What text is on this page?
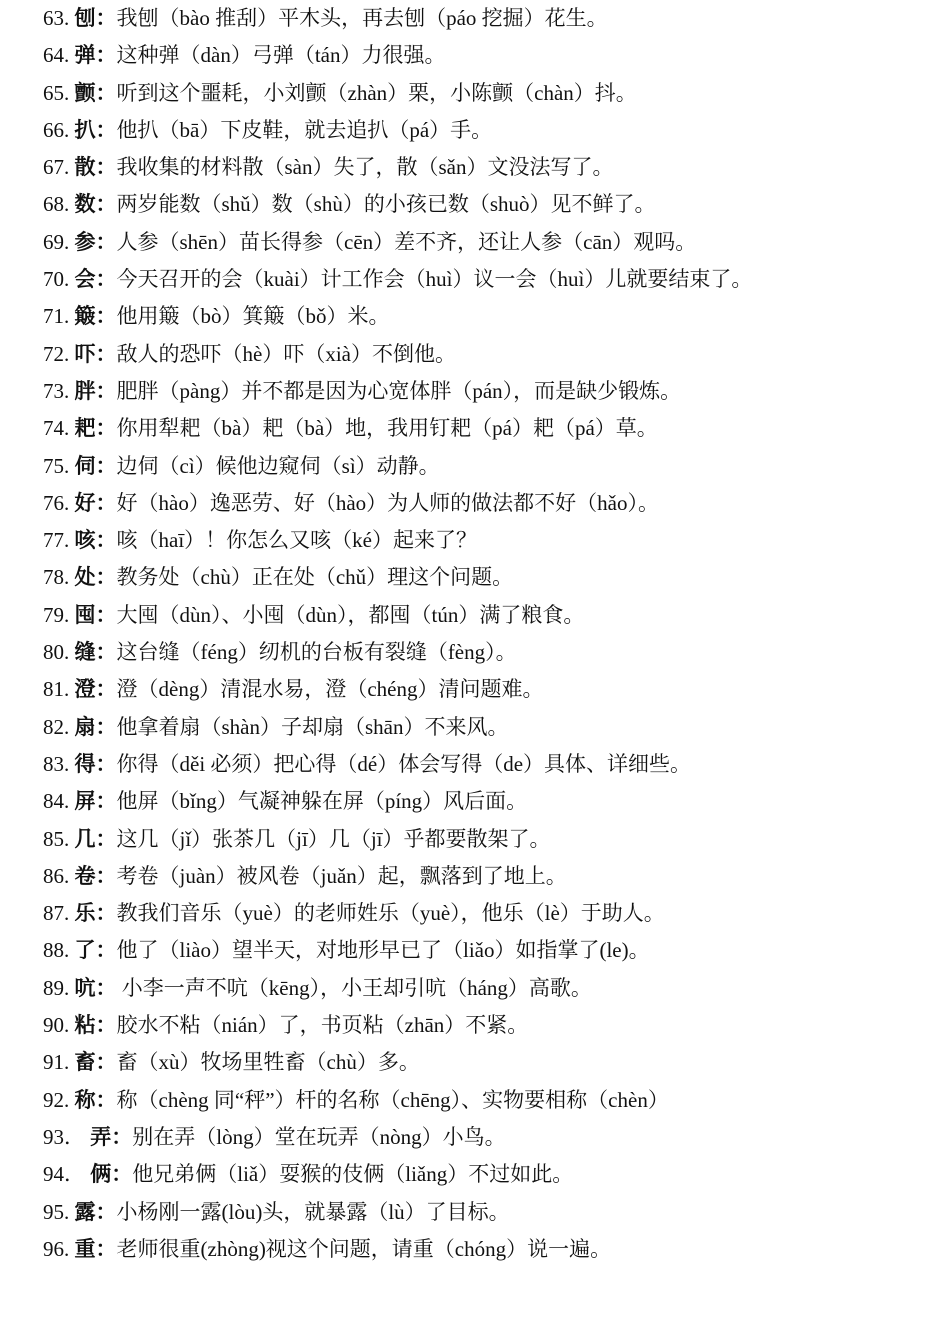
63. 刨：我刨（bào 推刮）平木头，再去刨（páo 挖掘）花生。
64. 弹：这种弹（dàn）弓弹（tán）力很强。
65. 颤：听到这个噩耗，小刘颤（zhàn）栗，小陈颤（chàn）抖。
66. 扒：他扒（bā）下皮鞋，就去追扒（pá）手。
67. 散：我收集的材料散（sàn）失了，散（sǎn）文没法写了。
68. 数：两岁能数（shǔ）数（shù）的小孩已数（shuò）见不鲜了。
69. 参：人参（shēn）苗长得参（cēn）差不齐，还让人参（cān）观吗。
70. 会：今天召开的会（kuài）计工作会（huì）议一会（huì）儿就要结束了。
71. 簸：他用簸（bò）箕簸（bǒ）米。
72. 吓：敌人的恐吓（hè）吓（xià）不倒他。
73. 胖：肥胖（pàng）并不都是因为心宽体胖（pán），而是缺少锻炼。
74. 耙：你用犁耙（bà）耙（bà）地，我用钉耙（pá）耙（pá）草。
75. 伺：边伺（cì）候他边窥伺（sì）动静。
76. 好：好（hào）逸恶劳、好（hào）为人师的做法都不好（hǎo）。
77. 咳：咳（haī）！你怎么又咳（ké）起来了？
78. 处：教务处（chù）正在处（chǔ）理这个问题。
79. 囤：大囤（dùn）、小囤（dùn），都囤（tún）满了粮食。
80. 缝：这台缝（féng）纫机的台板有裂缝（fèng）。
81. 澄：澄（dèng）清混水易，澄（chéng）清问题难。
82. 扇：他拿着扇（shàn）子却扇（shān）不来风。
83. 得：你得（děi 必须）把心得（dé）体会写得（de）具体、详细些。
84. 屏：他屏（bǐng）气凝神躲在屏（píng）风后面。
85. 几：这几（jǐ）张茶几（jī）几（jī）乎都要散架了。
86. 卷：考卷（juàn）被风卷（juǎn）起，飘落到了地上。
87. 乐：教我们音乐（yuè）的老师姓乐（yuè），他乐（lè）于助人。
88. 了：他了（liào）望半天，对地形早已了（liǎo）如指掌了(le)。
89. 吭： 小李一声不吭（kēng），小王却引吭（háng）高歌。
90. 粘：胶水不粘（nián）了，书页粘（zhān）不紧。
91. 畜：畜（xù）牧场里牲畜（chù）多。
92. 称：称（chèng 同“秤”）杆的名称（chēng）、实物要相称（chèn）
93． 弄：别在弄（lòng）堂在玩弄（nòng）小鸟。
94． 俩：他兄弟俩（liǎ）耍猴的伎俩（liǎng）不过如此。
95. 露：小杨刚一露(lòu)头，就暴露（lù）了目标。
96. 重：老师很重(zhòng)视这个问题，请重（chóng）说一遍。
